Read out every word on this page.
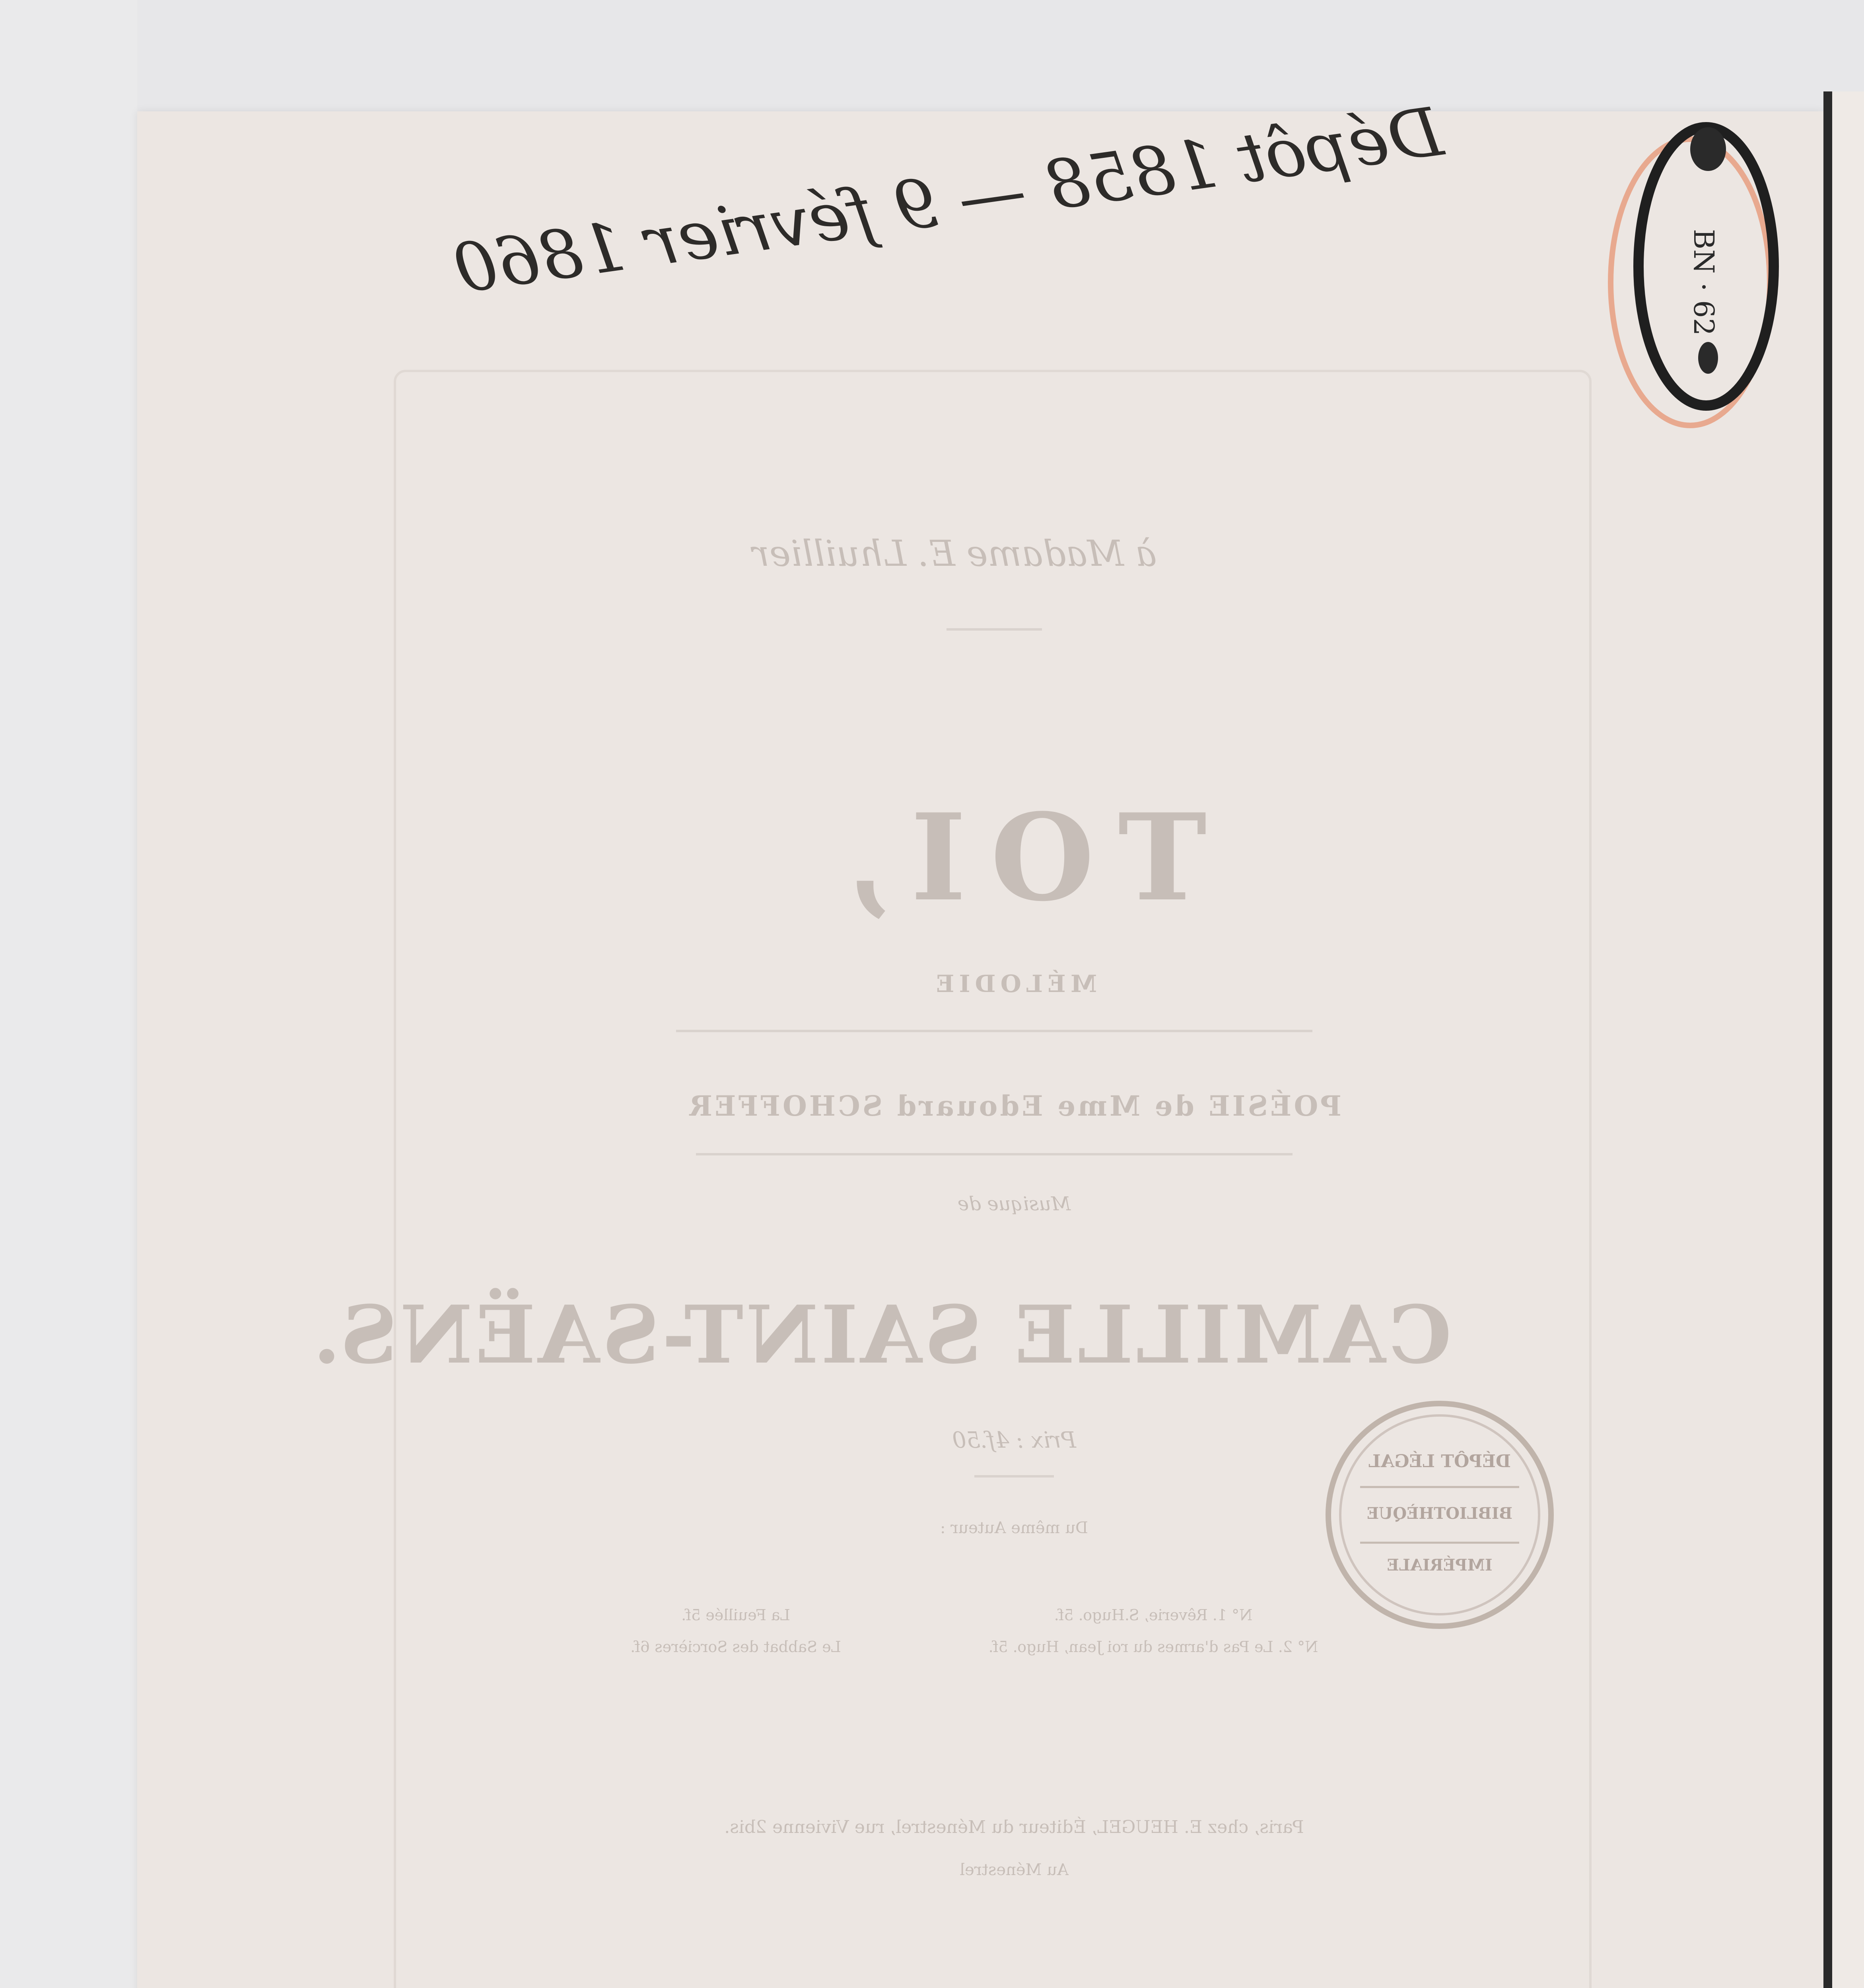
Dépôt 1858 — 9 février 1860	BN · 62
à Madame E. Lhuillier
TOI,
MÉLODIE
POÉSIE de Mme Edouard SCHOFFER
Musique de
CAMILLE SAINT-SAËNS.
Prix : 4f.50
Du même Auteur :
N° 1. Rêverie, S.Hugo. 5f.
N° 2. Le Pas d'armes du roi Jean, Hugo. 5f.
La Feuillée 5f.
Le Sabbat des Sorcières 6f.
Paris, chez E. HEUGEL, Éditeur du Ménestrel, rue Vivienne 2bis.
Au Ménestrel
DÉPÔT LÉGAL
BIBLIOTHÈQUE
IMPÉRIALE
